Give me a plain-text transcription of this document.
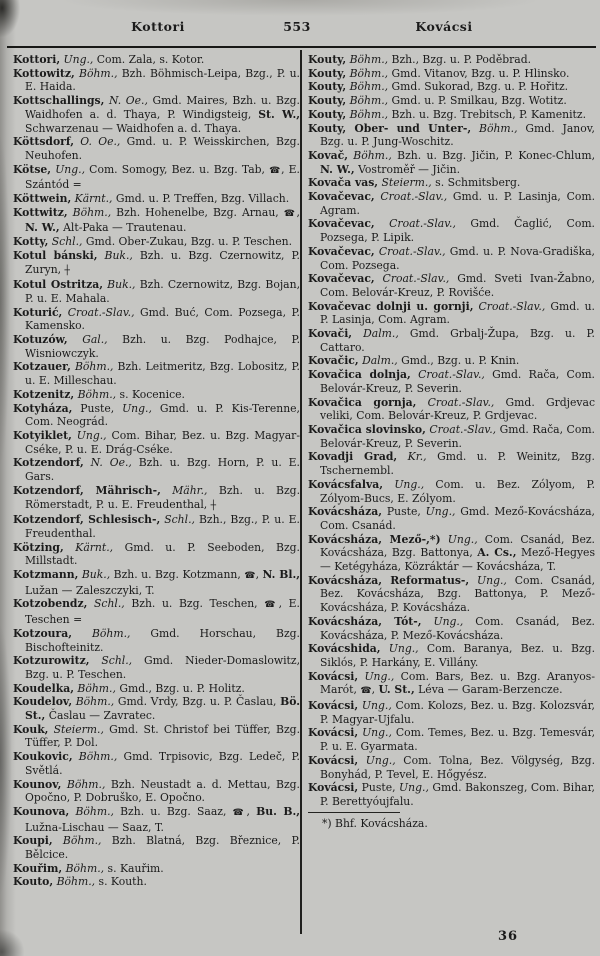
Kottori	553	Kovácsi

Kottori, Ung., Com. Zala, s. Kotor.

Kottowitz, Böhm., Bzh. Böhmisch-Leipa, Bzg., P. u. E. Haida.

Kottschallings, N. Oe., Gmd. Maires, Bzh. u. Bzg. Waidhofen a. d. Thaya, P. Windigsteig, St. W., Schwarzenau — Waidhofen a. d. Thaya.

Köttsdorf, O. Oe., Gmd. u. P. Weisskirchen, Bzg. Neuhofen.

Kötse, Ung., Com. Somogy, Bez. u. Bzg. Tab, ☎, E. Szántód =

Köttwein, Kärnt., Gmd. u. P. Treffen, Bzg. Villach.

Kottwitz, Böhm., Bzh. Hohenelbe, Bzg. Arnau, ☎, N. W., Alt-Paka — Trautenau.

Kotty, Schl., Gmd. Ober-Zukau, Bzg. u. P. Teschen.

Kotul bánski, Buk., Bzh. u. Bzg. Czernowitz, P. Zuryn, ┼

Kotul Ostritza, Buk., Bzh. Czernowitz, Bzg. Bojan, P. u. E. Mahala.

Koturić, Croat.-Slav., Gmd. Buć, Com. Pozsega, P. Kamensko.

Kotuzów, Gal., Bzh. u. Bzg. Podhajce, P. Wisniowczyk.

Kotzauer, Böhm., Bzh. Leitmeritz, Bzg. Lobositz, P. u. E. Milleschau.

Kotzenitz, Böhm., s. Kocenice.

Kotyháza, Puste, Ung., Gmd. u. P. Kis-Terenne, Com. Neográd.

Kotyiklet, Ung., Com. Bihar, Bez. u. Bzg. Magyar-Cséke, P. u. E. Drág-Cséke.

Kotzendorf, N. Oe., Bzh. u. Bzg. Horn, P. u. E. Gars.

Kotzendorf, Mährisch-, Mähr., Bzh. u. Bzg. Römerstadt, P. u. E. Freudenthal, ┼

Kotzendorf, Schlesisch-, Schl., Bzh., Bzg., P. u. E. Freudenthal.

Kötzing, Kärnt., Gmd. u. P. Seeboden, Bzg. Millstadt.

Kotzmann, Buk., Bzh. u. Bzg. Kotzmann, ☎, N. Bl., Lužan — Zaleszczyki, T.

Kotzobendz, Schl., Bzh. u. Bzg. Teschen, ☎, E. Teschen =

Kotzoura, Böhm., Gmd. Horschau, Bzg. Bischofteinitz.

Kotzurowitz, Schl., Gmd. Nieder-Domaslowitz, Bzg. u. P. Teschen.

Koudelka, Böhm., Gmd., Bzg. u. P. Holitz.

Koudelov, Böhm., Gmd. Vrdy, Bzg. u. P. Časlau, Bö. St., Časlau — Zavratec.

Kouk, Steierm., Gmd. St. Christof bei Tüffer, Bzg. Tüffer, P. Dol.

Koukovic, Böhm., Gmd. Trpisovic, Bzg. Ledeč, P. Světlá.

Kounov, Böhm., Bzh. Neustadt a. d. Mettau, Bzg. Opočno, P. Dobruško, E. Opočno.

Kounova, Böhm., Bzh. u. Bzg. Saaz, ☎, Bu. B., Lužna-Lischau — Saaz, T.

Koupi, Böhm., Bzh. Blatná, Bzg. Březnice, P. Bělcice.

Kouřim, Böhm., s. Kauřim.

Kouto, Böhm., s. Kouth.

Kouty, Böhm., Bzh., Bzg. u. P. Poděbrad.

Kouty, Böhm., Gmd. Vitanov, Bzg. u. P. Hlinsko.

Kouty, Böhm., Gmd. Sukorad, Bzg. u. P. Hořitz.

Kouty, Böhm., Gmd. u. P. Smilkau, Bzg. Wotitz.

Kouty, Böhm., Bzh. u. Bzg. Trebitsch, P. Kamenitz.

Kouty, Ober- und Unter-, Böhm., Gmd. Janov, Bzg. u. P. Jung-Woschitz.

Kovač, Böhm., Bzh. u. Bzg. Jičin, P. Konec-Chlum, N. W., Vostroměř — Jičin.

Kovača vas, Steierm., s. Schmitsberg.

Kovačevac, Croat.-Slav., Gmd. u. P. Lasinja, Com. Agram.

Kovačevac, Croat.-Slav., Gmd. Čaglić, Com. Pozsega, P. Lipik.

Kovačevac, Croat.-Slav., Gmd. u. P. Nova-Gradiška, Com. Pozsega.

Kovačevac, Croat.-Slav., Gmd. Sveti Ivan-Žabno, Com. Belovár-Kreuz, P. Rovišće.

Kovačevac dolnji u. gornji, Croat.-Slav., Gmd. u. P. Lasinja, Com. Agram.

Kovači, Dalm., Gmd. Grbalj-Župa, Bzg. u. P. Cattaro.

Kovačic, Dalm., Gmd., Bzg. u. P. Knin.

Kovačica dolnja, Croat.-Slav., Gmd. Rača, Com. Belovár-Kreuz, P. Severin.

Kovačica gornja, Croat.-Slav., Gmd. Grdjevac veliki, Com. Belovár-Kreuz, P. Grdjevac.

Kovačica slovinsko, Croat.-Slav., Gmd. Rača, Com. Belovár-Kreuz, P. Severin.

Kovadji Grad, Kr., Gmd. u. P. Weinitz, Bzg. Tschernembl.

Kovácsfalva, Ung., Com. u. Bez. Zólyom, P. Zólyom-Bucs, E. Zólyom.

Kovácsháza, Puste, Ung., Gmd. Mező-Kovácsháza, Com. Csanád.

Kovácsháza, Mező-,*) Ung., Com. Csanád, Bez. Kovácsháza, Bzg. Battonya, A. Cs., Mező-Hegyes — Ketégyháza, Közráktár — Kovácsháza, T.

Kovácsháza, Reformatus-, Ung., Com. Csanád, Bez. Kovácsháza, Bzg. Battonya, P. Mező-Kovácsháza, P. Kovácsháza.

Kovácsháza, Tót-, Ung., Com. Csanád, Bez. Kovácsháza, P. Mező-Kovácsháza.

Kovácshida, Ung., Com. Baranya, Bez. u. Bzg. Siklós, P. Harkány, E. Villány.

Kovácsi, Ung., Com. Bars, Bez. u. Bzg. Aranyos-Marót, ☎, U. St., Léva — Garam-Berzencze.

Kovácsi, Ung., Com. Kolozs, Bez. u. Bzg. Kolozsvár, P. Magyar-Ujfalu.

Kovácsi, Ung., Com. Temes, Bez. u. Bzg. Temesvár, P. u. E. Gyarmata.

Kovácsi, Ung., Com. Tolna, Bez. Völgység, Bzg. Bonyhád, P. Tevel, E. Hőgyész.

Kovácsi, Puste, Ung., Gmd. Bakonszeg, Com. Bihar, P. Berettyóujfalu.

*) Bhf. Kovácsháza.
36
